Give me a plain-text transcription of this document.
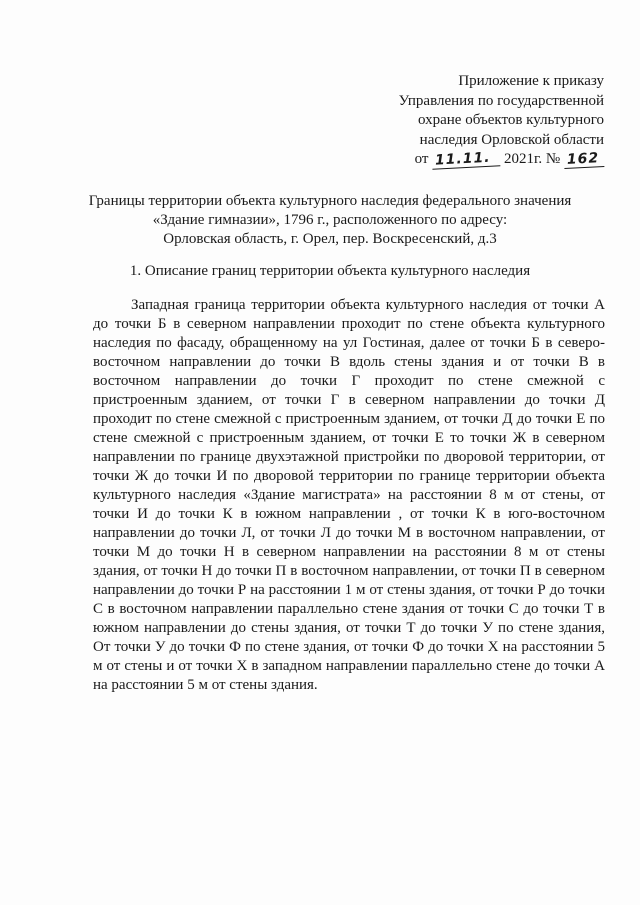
Приложение к приказу
Управления по государственной
охране объектов культурного
наследия Орловской области
от 11.11. 2021г. № 162
Границы территории объекта культурного наследия федерального значения
«Здание гимназии», 1796 г., расположенного по адресу:
Орловская область, г. Орел, пер. Воскресенский, д.3
1. Описание границ территории объекта культурного наследия

Западная граница территории объекта культурного наследия от точки А до точки Б в северном направлении проходит по стене объекта культурного наследия по фасаду, обращенному на ул Гостиная, далее от точки Б в северо-восточном направлении до точки В вдоль стены здания и от точки В в восточном направлении до точки Г проходит по стене смежной с пристроенным зданием, от точки Г в северном направлении до точки Д проходит по стене смежной с пристроенным зданием, от точки Д до точки Е по стене смежной с пристроенным зданием, от точки Е то точки Ж в северном направлении по границе двухэтажной пристройки по дворовой территории, от точки Ж до точки И по дворовой территории по границе территории объекта культурного наследия «Здание магистрата» на расстоянии 8 м от стены, от точки И до точки К в южном направлении , от точки К в юго-восточном направлении до точки Л, от точки Л до точки М в восточном направлении, от точки М до точки Н в северном направлении на расстоянии 8 м от стены здания, от точки Н до точки П в восточном направлении, от точки П в северном направлении до точки Р на расстоянии 1 м от стены здания, от точки Р до точки С в восточном направлении параллельно стене здания от точки С до точки Т в южном направлении до стены здания, от точки Т до точки У по стене здания, От точки У до точки Ф по стене здания, от точки Ф до точки Х на расстоянии 5 м от стены и от точки Х в западном направлении параллельно стене до точки А на расстоянии 5 м от стены здания.
